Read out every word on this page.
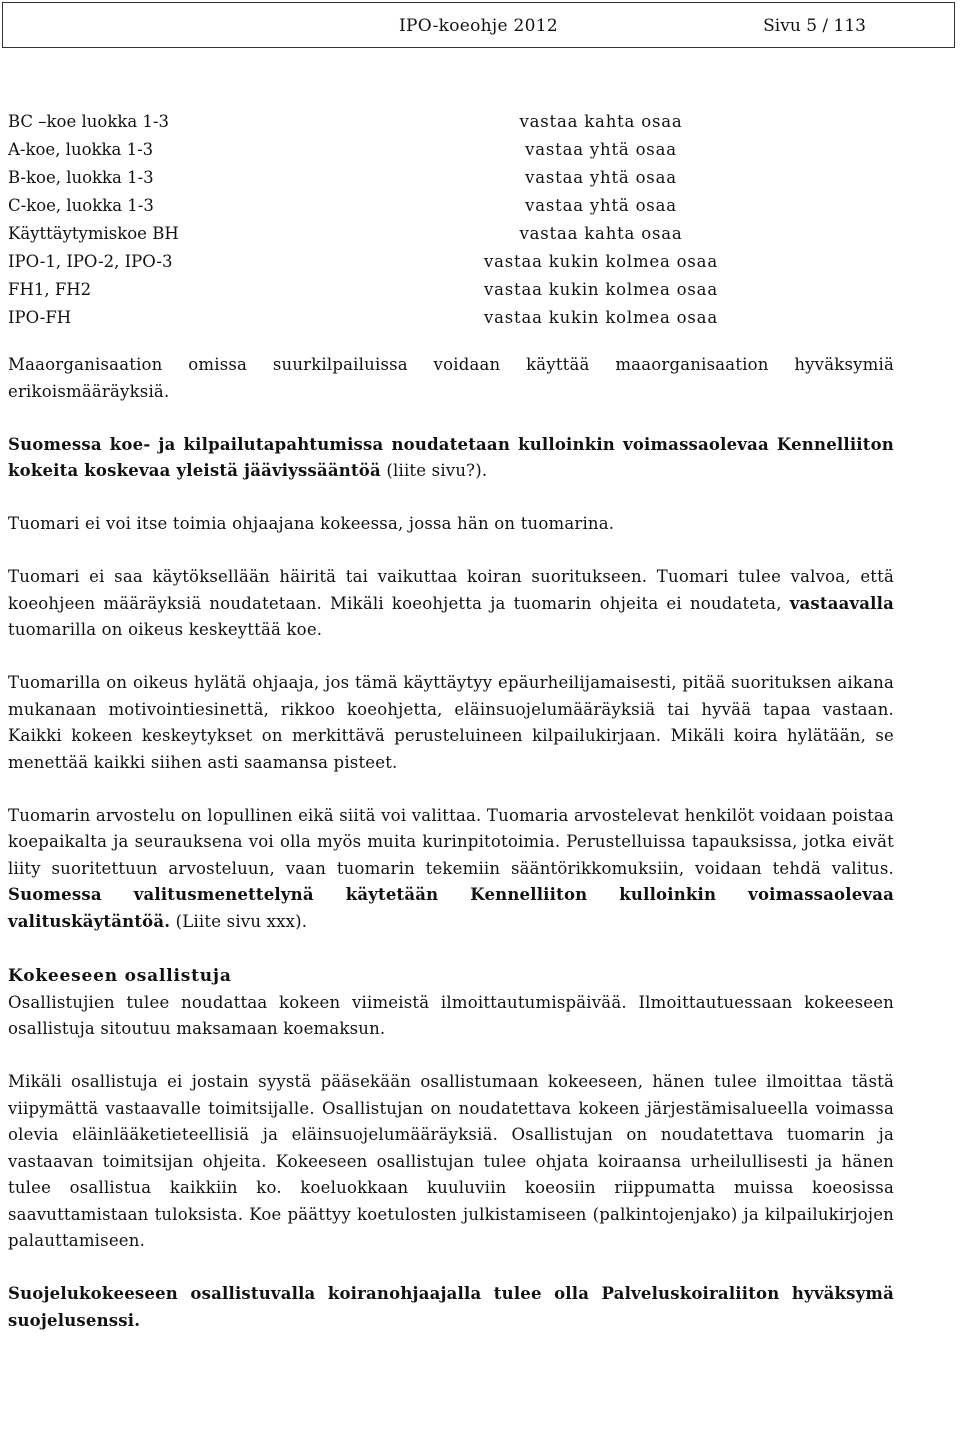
IPO-koeohje 2012	Sivu 5 / 113
BC –koe luokka 1-3	vastaa kahta osaa
A-koe, luokka 1-3	vastaa yhtä osaa
B-koe, luokka 1-3	vastaa yhtä osaa
C-koe, luokka 1-3	vastaa yhtä osaa
Käyttäytymiskoe BH	vastaa kahta osaa
IPO-1, IPO-2, IPO-3	vastaa kukin kolmea osaa
FH1, FH2	vastaa kukin kolmea osaa
IPO-FH	vastaa kukin kolmea osaa

Maaorganisaation omissa suurkilpailuissa voidaan käyttää maaorganisaation hyväksymiä erikoismääräyksiä.

Suomessa koe- ja kilpailutapahtumissa noudatetaan kulloinkin voimassaolevaa Kennelliiton kokeita koskevaa yleistä jääviyssääntöä (liite sivu?).

Tuomari ei voi itse toimia ohjaajana kokeessa, jossa hän on tuomarina.

Tuomari ei saa käytöksellään häiritä tai vaikuttaa koiran suoritukseen. Tuomari tulee valvoa, että koeohjeen määräyksiä noudatetaan. Mikäli koeohjetta ja tuomarin ohjeita ei noudateta, vastaavalla tuomarilla on oikeus keskeyttää koe.

Tuomarilla on oikeus hylätä ohjaaja, jos tämä käyttäytyy epäurheilijamaisesti, pitää suorituksen aikana mukanaan motivointiesinettä, rikkoo koeohjetta, eläinsuojelumääräyksiä tai hyvää tapaa vastaan. Kaikki kokeen keskeytykset on merkittävä perusteluineen kilpailukirjaan. Mikäli koira hylätään, se menettää kaikki siihen asti saamansa pisteet.

Tuomarin arvostelu on lopullinen eikä siitä voi valittaa. Tuomaria arvostelevat henkilöt voidaan poistaa koepaikalta ja seurauksena voi olla myös muita kurinpitotoimia. Perustelluissa tapauksissa, jotka eivät liity suoritettuun arvosteluun, vaan tuomarin tekemiin sääntörikkomuksiin, voidaan tehdä valitus. Suomessa valitusmenettelynä käytetään Kennelliiton kulloinkin voimassaolevaa valituskäytäntöä. (Liite sivu xxx).

Kokeeseen osallistuja

Osallistujien tulee noudattaa kokeen viimeistä ilmoittautumispäivää. Ilmoittautuessaan kokeeseen osallistuja sitoutuu maksamaan koemaksun.

Mikäli osallistuja ei jostain syystä pääsekään osallistumaan kokeeseen, hänen tulee ilmoittaa tästä viipymättä vastaavalle toimitsijalle. Osallistujan on noudatettava kokeen järjestämisalueella voimassa olevia eläinlääketieteellisiä ja eläinsuojelumääräyksiä. Osallistujan on noudatettava tuomarin ja vastaavan toimitsijan ohjeita. Kokeeseen osallistujan tulee ohjata koiraansa urheilullisesti ja hänen tulee osallistua kaikkiin ko. koeluokkaan kuuluviin koeosiin riippumatta muissa koeosissa saavuttamistaan tuloksista. Koe päättyy koetulosten julkistamiseen (palkintojenjako) ja kilpailukirjojen palauttamiseen.

Suojelukokeeseen osallistuvalla koiranohjaajalla tulee olla Palveluskoiraliiton hyväksymä suojelusenssi.
